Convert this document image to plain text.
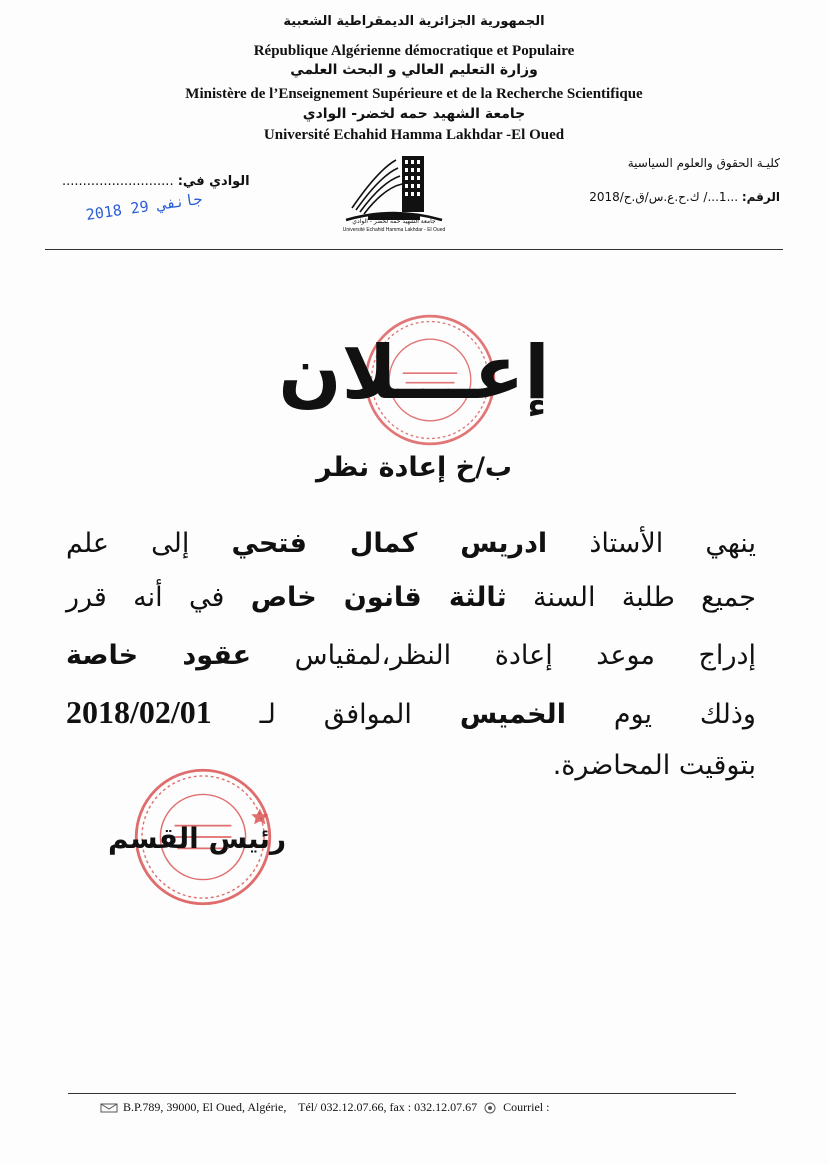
الجمهورية الجزائرية الديمقراطية الشعبية
République Algérienne démocratique et Populaire
وزارة التعليم العالي و البحث العلمي
Ministère de l’Enseignement Supérieure et de la Recherche Scientifique
جامعة الشهيد حمه لخضر- الوادي
Université Echahid Hamma Lakhdar -El Oued
كليـة الحقوق والعلوم السياسية
الرقم: ...1.../ ك.ح.ع.س/ق.ح/2018
الوادي في: ...........................
2018 جانفي 29
جامعة الشهيد حمه لخضر - الوادي
Université Echahid Hamma Lakhdar - El Oued
إعـــلان
ب/خ إعادة نظر
ينهي الأستاذ ادريس كمال فتحي إلى علم
جميع طلبة السنة ثالثة قانون خاص في أنه قرر
إدراج موعد إعادة النظر،لمقياس عقود خاصة
وذلك يوم الخميس الموافق لـ 2018/02/01
بتوقيت المحاضرة.
رئيس القسم
B.P.789, 39000, El Oued, Algérie, Tél/ 032.12.07.66, fax : 032.12.07.67 Courriel :
